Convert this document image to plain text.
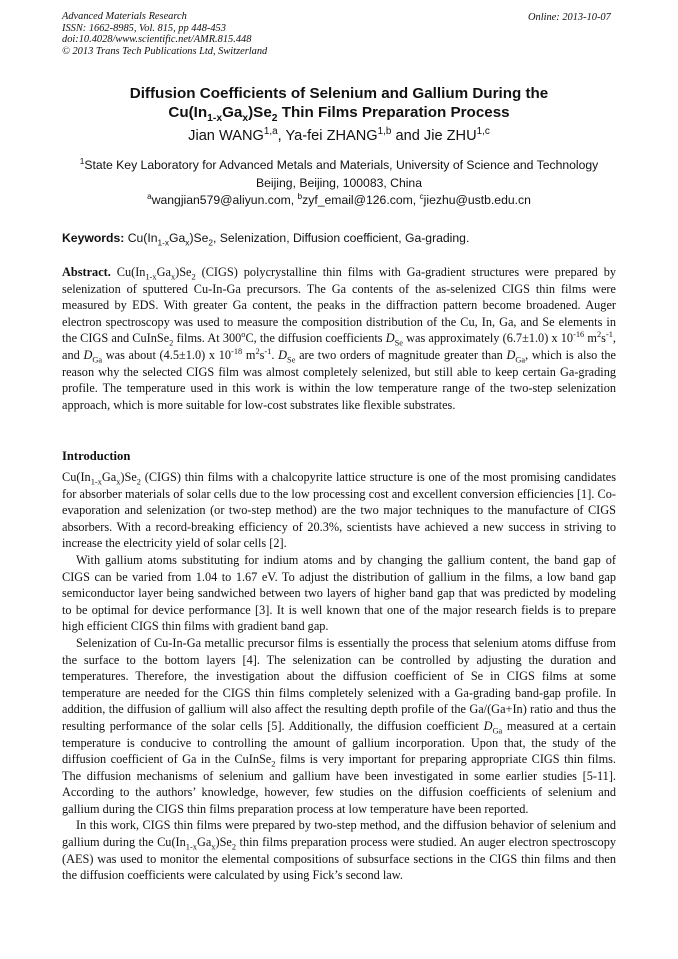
Advanced Materials Research
ISSN: 1662-8985, Vol. 815, pp 448-453
doi:10.4028/www.scientific.net/AMR.815.448
© 2013 Trans Tech Publications Ltd, Switzerland
Online: 2013-10-07
Diffusion Coefficients of Selenium and Gallium During the
$Cu(In_{1-x}Ga_x)Se_2$ Thin Films Preparation Process
Jian WANG$^{1,a}$, Ya-fei ZHANG$^{1,b}$ and Jie ZHU$^{1,c}$
$^1$State Key Laboratory for Advanced Metals and Materials, University of Science and Technology
Beijing, Beijing, 100083, China
$^a$wangjian579@aliyun.com, $^b$zyf_email@126.com, $^c$jiezhu@ustb.edu.cn
Keywords: $Cu(In_{1-x}Ga_x)Se_2$, Selenization, Diffusion coefficient, Ga-grading.
Abstract. $Cu(In_{1-x}Ga_x)Se_2$ (CIGS) polycrystalline thin films with Ga-gradient structures were prepared by selenization of sputtered Cu-In-Ga precursors. The Ga contents of the as-selenized CIGS thin films were measured by EDS. With greater Ga content, the peaks in the diffraction pattern become broadened. Auger electron spectroscopy was used to measure the composition distribution of the Cu, In, Ga, and Se elements in the CIGS and CuInSe$_2$ films. At 300$^o$C, the diffusion coefficients $D_{Se}$ was approximately (6.7±1.0) x $10^{-16}$ $m^2s^{-1}$, and $D_{Ga}$ was about (4.5±1.0) x $10^{-18}$ $m^2s^{-1}$. $D_{Se}$ are two orders of magnitude greater than $D_{Ga}$, which is also the reason why the selected CIGS film was almost completely selenized, but still able to keep certain Ga-grading profile. The temperature used in this work is within the low temperature range of the two-step selenization approach, which is more suitable for low-cost substrates like flexible substrates.
Introduction

$Cu(In_{1-x}Ga_x)Se_2$ (CIGS) thin films with a chalcopyrite lattice structure is one of the most promising candidates for absorber materials of solar cells due to the low processing cost and excellent conversion efficiencies [1]. Co-evaporation and selenization (or two-step method) are the two major techniques to the manufacture of CIGS absorbers. With a record-breaking efficiency of 20.3%, scientists have achieved a new success in striving to increase the electricity yield of solar cells [2].

With gallium atoms substituting for indium atoms and by changing the gallium content, the band gap of CIGS can be varied from 1.04 to 1.67 eV. To adjust the distribution of gallium in the films, a low band gap semiconductor layer being sandwiched between two layers of higher band gap that was predicted by modeling to be optimal for device performance [3]. It is well known that one of the major research fields is to prepare high efficient CIGS thin films with gradient band gap.

Selenization of Cu-In-Ga metallic precursor films is essentially the process that selenium atoms diffuse from the surface to the bottom layers [4]. The selenization can be controlled by adjusting the duration and temperatures. Therefore, the investigation about the diffusion coefficient of Se in CIGS films at some temperature are needed for the CIGS thin films completely selenized with a Ga-grading band-gap profile. In addition, the diffusion of gallium will also affect the resulting depth profile of the Ga/(Ga+In) ratio and thus the resulting performance of the solar cells [5]. Additionally, the diffusion coefficient $D_{Ga}$ measured at a certain temperature is conducive to controlling the amount of gallium incorporation. Upon that, the study of the diffusion coefficient of Ga in the CuInSe$_2$ films is very important for preparing appropriate CIGS thin films. The diffusion mechanisms of selenium and gallium have been investigated in some earlier studies [5-11]. According to the authors’ knowledge, however, few studies on the diffusion coefficients of selenium and gallium during the CIGS thin films preparation process at low temperature have been reported.

In this work, CIGS thin films were prepared by two-step method, and the diffusion behavior of selenium and gallium during the $Cu(In_{1-x}Ga_x)Se_2$ thin films preparation process were studied. An auger electron spectroscopy (AES) was used to monitor the elemental compositions of subsurface sections in the CIGS thin films and then the diffusion coefficients were calculated by using Fick’s second law.
